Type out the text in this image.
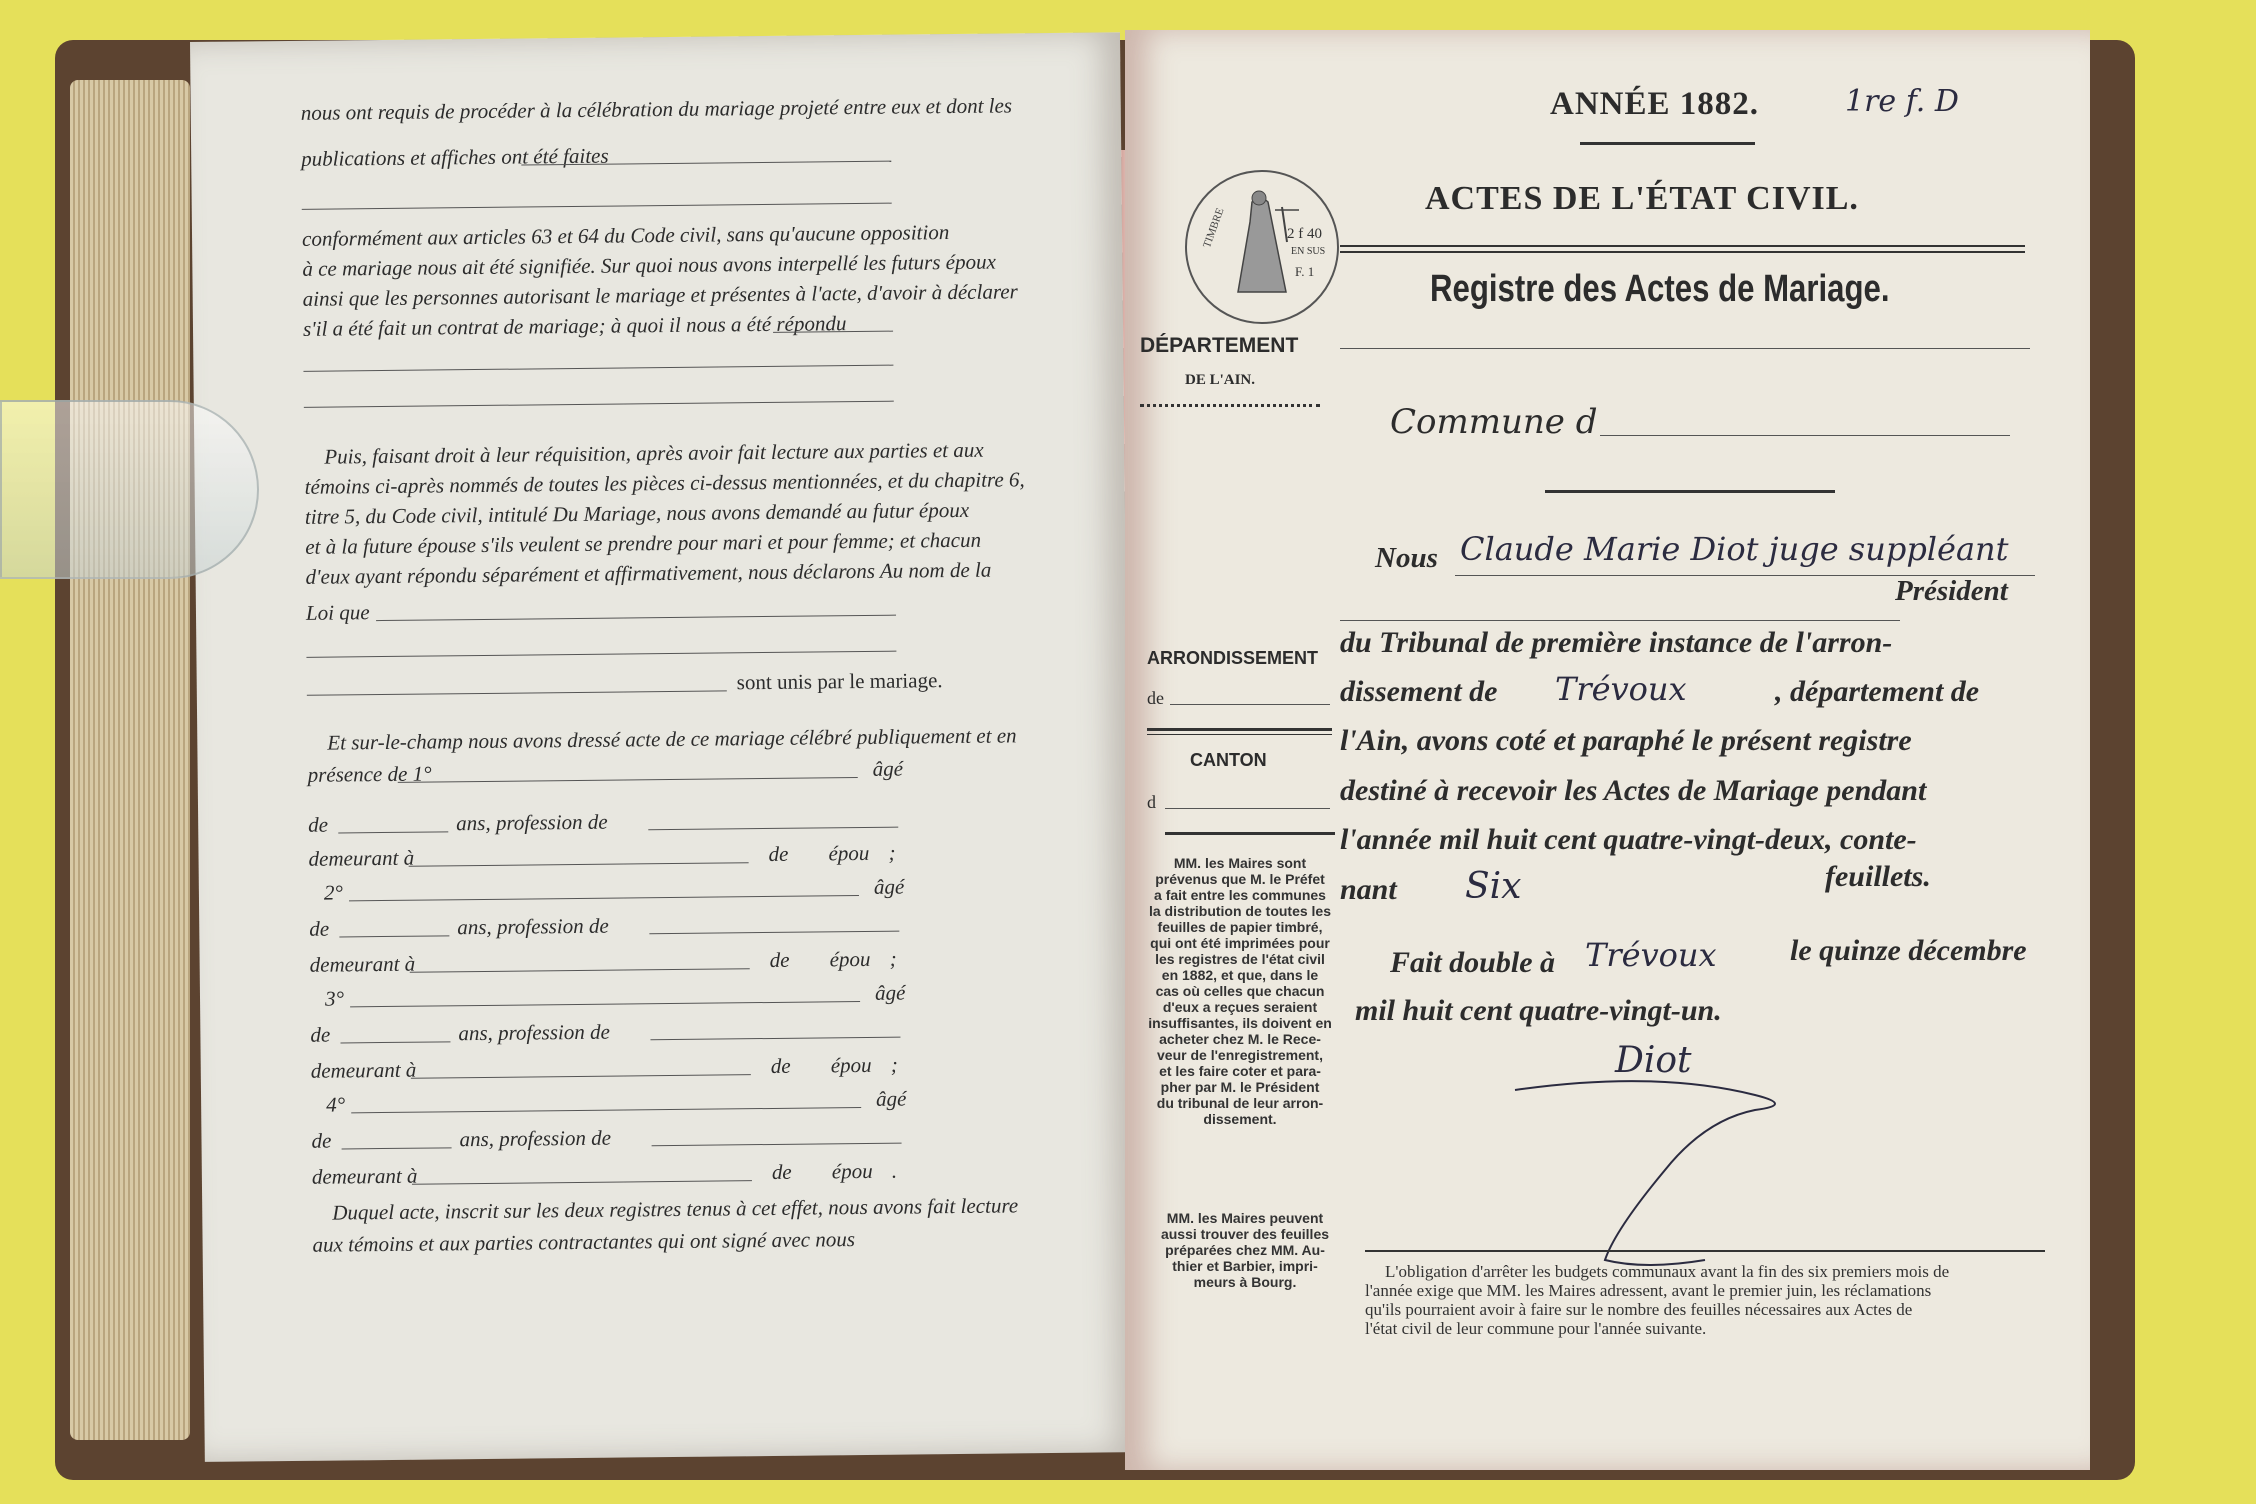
nous ont requis de procéder à la célébration du mariage projeté entre eux et dont les
publications et affiches ont été faites
conformément aux articles 63 et 64 du Code civil, sans qu'aucune opposition
à ce mariage nous ait été signifiée. Sur quoi nous avons interpellé les futurs époux
ainsi que les personnes autorisant le mariage et présentes à l'acte, d'avoir à déclarer
s'il a été fait un contrat de mariage; à quoi il nous a été répondu
Puis, faisant droit à leur réquisition, après avoir fait lecture aux parties et aux
témoins ci-après nommés de toutes les pièces ci-dessus mentionnées, et du chapitre 6,
titre 5, du Code civil, intitulé Du Mariage, nous avons demandé au futur époux
et à la future épouse s'ils veulent se prendre pour mari et pour femme; et chacun
d'eux ayant répondu séparément et affirmativement, nous déclarons Au nom de la
Loi que
sont unis par le mariage.
Et sur-le-champ nous avons dressé acte de ce mariage célébré publiquement et en
présence de 1°	âgé
de	ans, profession de
demeurant à	de épou ;
2°	âgé
de	ans, profession de
demeurant à	de épou ;
3°	âgé
de	ans, profession de
demeurant à	de épou ;
4°	âgé
de	ans, profession de
demeurant à	de épou .
Duquel acte, inscrit sur les deux registres tenus à cet effet, nous avons fait lecture
aux témoins et aux parties contractantes qui ont signé avec nous
ANNÉE 1882.	1re f. D
ACTES DE L'ÉTAT CIVIL.
Registre des Actes de Mariage.
TIMBRE	2 f 40
EN SUS
F. 1
DÉPARTEMENT
DE L'AIN.
Commune d
Nous Claude Marie Diot juge suppléant
Président
ARRONDISSEMENT
de
CANTON
d
du Tribunal de première instance de l'arron-
dissement de Trévoux	, département de
l'Ain, avons coté et paraphé le présent registre
destiné à recevoir les Actes de Mariage pendant
l'année mil huit cent quatre-vingt-deux, conte-
nant Six	feuillets.
Fait double à Trévoux le quinze décembre
mil huit cent quatre-vingt-un.
Diot
MM. les Maires sont
prévenus que M. le Préfet
a fait entre les communes
la distribution de toutes les
feuilles de papier timbré,
qui ont été imprimées pour
les registres de l'état civil
en 1882, et que, dans le
cas où celles que chacun
d'eux a reçues seraient
insuffisantes, ils doivent en
acheter chez M. le Rece-
veur de l'enregistrement,
et les faire coter et para-
pher par M. le Président
du tribunal de leur arron-
dissement.
MM. les Maires peuvent
aussi trouver des feuilles
préparées chez MM. Au-
thier et Barbier, impri-
meurs à Bourg.
L'obligation d'arrêter les budgets communaux avant la fin des six premiers mois de
l'année exige que MM. les Maires adressent, avant le premier juin, les réclamations
qu'ils pourraient avoir à faire sur le nombre des feuilles nécessaires aux Actes de
l'état civil de leur commune pour l'année suivante.
